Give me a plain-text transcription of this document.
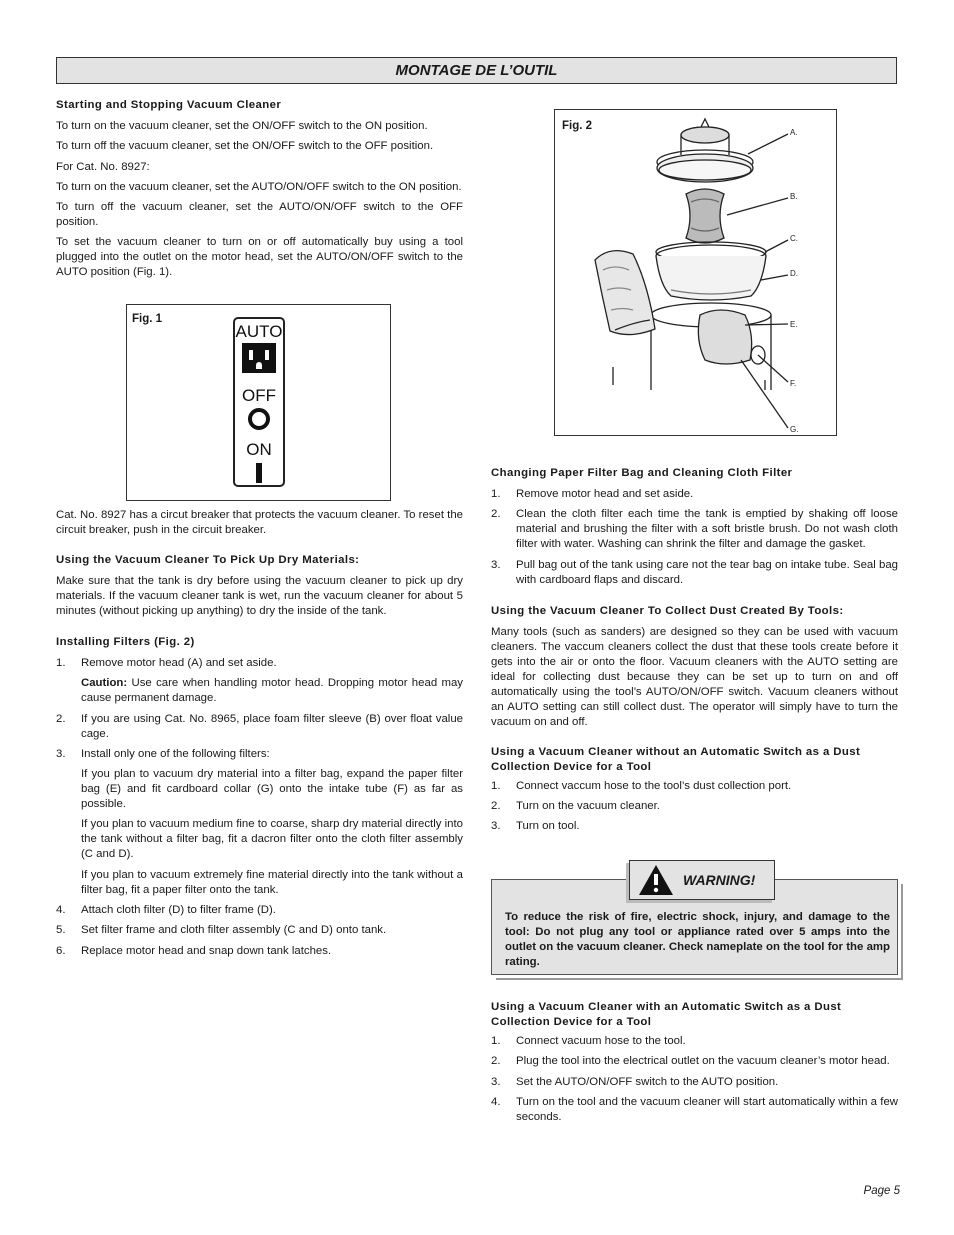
MONTAGE DE L’OUTIL

Starting and Stopping Vacuum Cleaner

To turn on the vacuum cleaner, set the ON/OFF switch to the ON position.

To turn off the vacuum cleaner, set the ON/OFF switch to the OFF position.

For Cat. No. 8927:

To turn on the vacuum cleaner, set the AUTO/ON/OFF switch to the ON position.

To turn off the vacuum cleaner, set the AUTO/ON/OFF switch to the OFF position.

To set the vacuum cleaner to turn on or off automatically buy using a tool plugged into the outlet on the motor head, set the AUTO/ON/OFF switch to the AUTO position (Fig. 1).

Fig. 1
AUTO
OFF
ON

Cat. No. 8927 has a circut breaker that protects the vacuum cleaner. To reset the circuit breaker, push in the circuit breaker.

Using the Vacuum Cleaner To Pick Up Dry Materials:

Make sure that the tank is dry before using the vacuum cleaner to pick up dry materials. If the vacuum cleaner tank is wet, run the vacuum cleaner for about 5 minutes (without picking up anything) to dry the inside of the tank.

Installing Filters (Fig. 2)

1. Remove motor head (A) and set aside.

Caution: Use care when handling motor head. Dropping motor head may cause permanent damage.

2. If you are using Cat. No. 8965, place foam filter sleeve (B) over float value cage.
3. Install only one of the following filters:

If you plan to vacuum dry material into a filter bag, expand the paper filter bag (E) and fit cardboard collar (G) onto the intake tube (F) as far as possible.

If you plan to vacuum medium fine to coarse, sharp dry material directly into the tank without a filter bag, fit a dacron filter onto the cloth filter assembly (C and D).

If you plan to vacuum extremely fine material directly into the tank without a filter bag, fit a paper filter onto the tank.

4. Attach cloth filter (D) to filter frame (D).
5. Set filter frame and cloth filter assembly (C and D) onto tank.
6. Replace motor head and snap down tank latches.
Fig. 2
A.
B.
C.
D.
E.
F.
G.

Changing Paper Filter Bag and Cleaning Cloth Filter

1. Remove motor head and set aside.
2. Clean the cloth filter each time the tank is emptied by shaking off loose material and brushing the filter with a soft bristle brush. Do not wash cloth filter with water. Washing can shrink the filter and damage the gasket.
3. Pull bag out of the tank using care not the tear bag on intake tube. Seal bag with cardboard flaps and discard.

Using the Vacuum Cleaner To Collect Dust Created By Tools:

Many tools (such as sanders) are designed so they can be used with vacuum cleaners. The vaccum cleaners collect the dust that these tools create before it gets into the air or onto the floor. Vacuum cleaners with the AUTO setting are ideal for collecting dust because they can be set up to turn on and off automatically using the tool’s AUTO/ON/OFF switch. Vacuum cleaners without an AUTO setting can still collect dust. The operator will simply have to turn the vacuum on and off.

Using a Vacuum Cleaner without an Automatic Switch as a Dust Collection Device for a Tool

1. Connect vaccum hose to the tool’s dust collection port.
2. Turn on the vacuum cleaner.
3. Turn on tool.
WARNING!
To reduce the risk of fire, electric shock, injury, and damage to the tool: Do not plug any tool or appliance rated over 5 amps into the outlet on the vacuum cleaner. Check nameplate on the tool for the amp rating.

Using a Vacuum Cleaner with an Automatic Switch as a Dust Collection Device for a Tool

1. Connect vacuum hose to the tool.
2. Plug the tool into the electrical outlet on the vacuum cleaner’s motor head.
3. Set the AUTO/ON/OFF switch to the AUTO position.
4. Turn on the tool and the vacuum cleaner will start automatically within a few seconds.
Page 5
